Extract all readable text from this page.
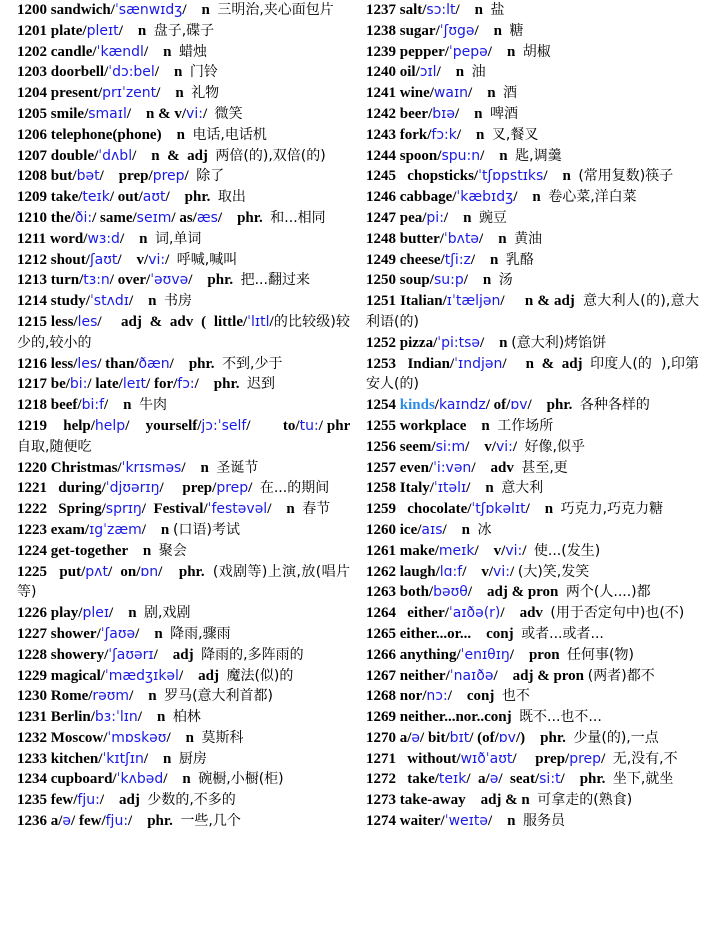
1200 sandwich/ˈsænwɪdʒ/    n  三明治,夹心面包片
1201 plate/pleɪt/    n  盘子,碟子
1202 candle/ˈkændl/    n  蜡烛
1203 doorbell/ˈdɔ:bel/    n  门铃
1204 present/prɪˈzent/    n  礼物
1205 smile/smaɪl/    n & v/vi:/  微笑
1206 telephone(phone)    n  电话,电话机
1207 double/ˈdʌbl/    n  &  adj  两倍(的),双倍(的)
1208 but/bət/    prep/prep/  除了
1209 take/teɪk/ out/aʊt/    phr.  取出
1210 the/ði:/ same/seɪm/ as/æs/    phr.  和...相同
1211 word/wɜ:d/    n  词,单词
1212 shout/ʃaʊt/    v/vi:/  呼喊,喊叫
1213 turn/tɜ:n/ over/ˈəʊvə/    phr.  把...翻过来
1214 study/ˈstʌdɪ/    n  书房
1215 less/les/     adj  &  adv  (  little/ˈlɪtl/的比较级)较少的,较小的
1216 less/les/ than/ðæn/    phr.  不到,少于
1217 be/bi:/ late/leɪt/ for/fɔ:/    phr.  迟到
1218 beef/bi:f/    n  牛肉
1219    help/help/    yourself/jɔ:ˈself/        to/tu:/ phr 自取,随便吃
1220 Christmas/ˈkrɪsməs/    n  圣诞节
1221   during/ˈdjʊərɪŋ/     prep/prep/  在...的期间
1222   Spring/sprɪŋ/  Festival/ˈfestəvəl/    n  春节
1223 exam/ɪgˈzæm/    n (口语)考试
1224 get-together    n  聚会
1225   put/pʌt/  on/ɒn/    phr.  (戏剧等)上演,放(唱片等)
1226 play/pleɪ/    n  剧,戏剧
1227 shower/ˈʃaʊə/    n  降雨,骤雨
1228 showery/ˈʃaʊərɪ/    adj  降雨的,多阵雨的
1229 magical/ˈmædʒɪkəl/    adj  魔法(似)的
1230 Rome/rəʊm/    n  罗马(意大利首都)
1231 Berlin/bɜ:ˈlɪn/    n  柏林
1232 Moscow/ˈmɒskəʊ/    n  莫斯科
1233 kitchen/ˈkɪtʃɪn/    n  厨房
1234 cupboard/ˈkʌbəd/    n  碗橱,小橱(柜)
1235 few/fju:/    adj  少数的,不多的
1236 a/ə/ few/fju:/    phr.  一些,几个
1237 salt/sɔ:lt/    n  盐
1238 sugar/ˈʃʊgə/    n  糖
1239 pepper/ˈpepə/    n  胡椒
1240 oil/ɔɪl/    n  油
1241 wine/waɪn/    n  酒
1242 beer/bɪə/    n  啤酒
1243 fork/fɔ:k/    n  叉,餐叉
1244 spoon/spu:n/    n  匙,调羹
1245   chopsticks/ˈtʃɒpstɪks/    n  (常用复数)筷子
1246 cabbage/ˈkæbɪdʒ/    n  卷心菜,洋白菜
1247 pea/pi:/    n  豌豆
1248 butter/ˈbʌtə/    n  黄油
1249 cheese/tʃi:z/    n  乳酪
1250 soup/su:p/    n  汤
1251 Italian/ɪˈtæljən/     n & adj  意大利人(的),意大利语(的)
1252 pizza/ˈpi:tsə/    n (意大利)烤馅饼
1253   Indian/ˈɪndjən/     n  &  adj  印度人(的  ),印第安人(的)
1254 kinds/kaɪndz/ of/ɒv/    phr.  各种各样的
1255 workplace    n  工作场所
1256 seem/si:m/    v/vi:/  好像,似乎
1257 even/ˈi:vən/    adv  甚至,更
1258 Italy/ˈɪtəlɪ/    n  意大利
1259   chocolate/ˈtʃɒkəlɪt/    n  巧克力,巧克力糖
1260 ice/aɪs/    n  冰
1261 make/meɪk/    v/vi:/  使...(发生)
1262 laugh/lɑ:f/    v/vi:/ (大)笑,发笑
1263 both/bəʊθ/    adj & pron  两个(人....)都
1264   either/ˈaɪðə(r)/    adv  (用于否定句中)也(不)
1265 either...or...    conj  或者...或者...
1266 anything/ˈenɪθɪŋ/    pron  任何事(物)
1267 neither/ˈnaɪðə/    adj & pron (两者)都不
1268 nor/nɔ:/    conj  也不
1269 neither...nor..conj  既不...也不...
1270 a/ə/ bit/bɪt/ (of/ɒv/)    phr.  少量(的),一点
1271   without/wɪðˈaʊt/     prep/prep/  无,没有,不
1272   take/teɪk/  a/ə/  seat/si:t/    phr.  坐下,就坐
1273 take-away    adj & n  可拿走的(熟食)
1274 waiter/ˈweɪtə/    n  服务员
